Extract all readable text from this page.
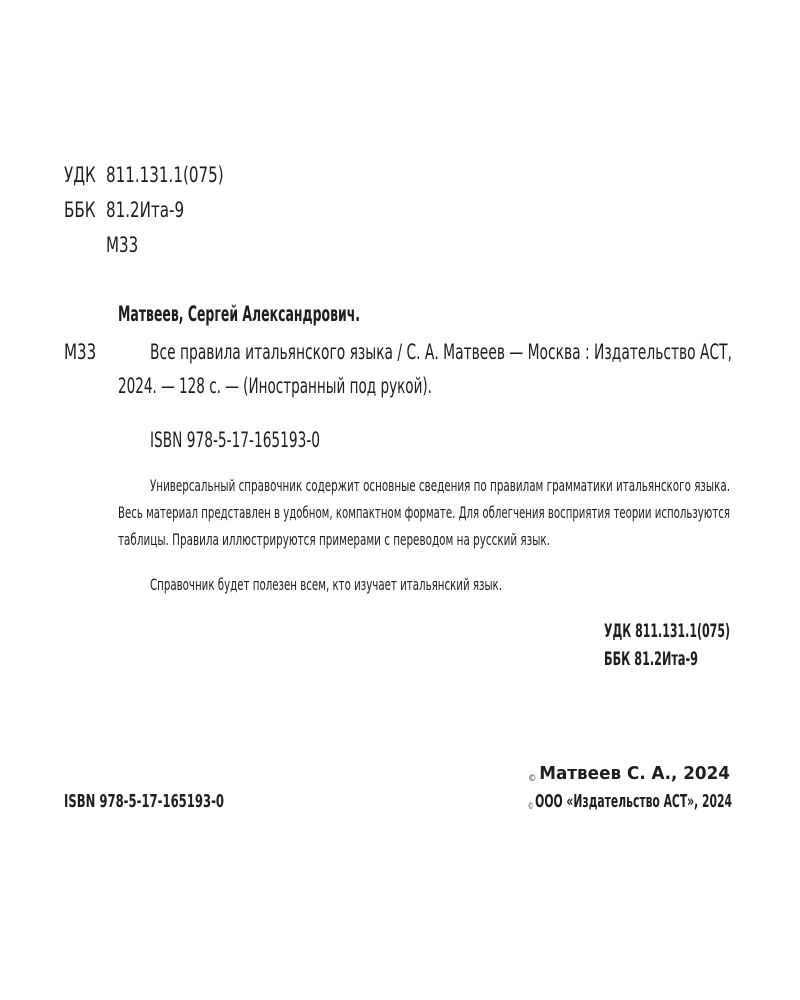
УДК 811.131.1(075)
ББК 81.2Ита-9
М33
Матвеев, Сергей Александрович.
М33	Все правила итальянского языка / С. А. Матвеев — Москва : Издательство АСТ,
2024. — 128 с. — (Иностранный под рукой).
ISBN 978-5-17-165193-0
Универсальный справочник содержит основные сведения по правилам грамматики итальянского языка.
Весь материал представлен в удобном, компактном формате. Для облегчения восприятия теории используются
таблицы. Правила иллюстрируются примерами с переводом на русский язык.
Справочник будет полезен всем, кто изучает итальянский язык.
УДК 811.131.1(075)
ББК 81.2Ита-9
ISBN 978-5-17-165193-0
© Матвеев С. А., 2024
©ООО «Издательство АСТ», 2024
